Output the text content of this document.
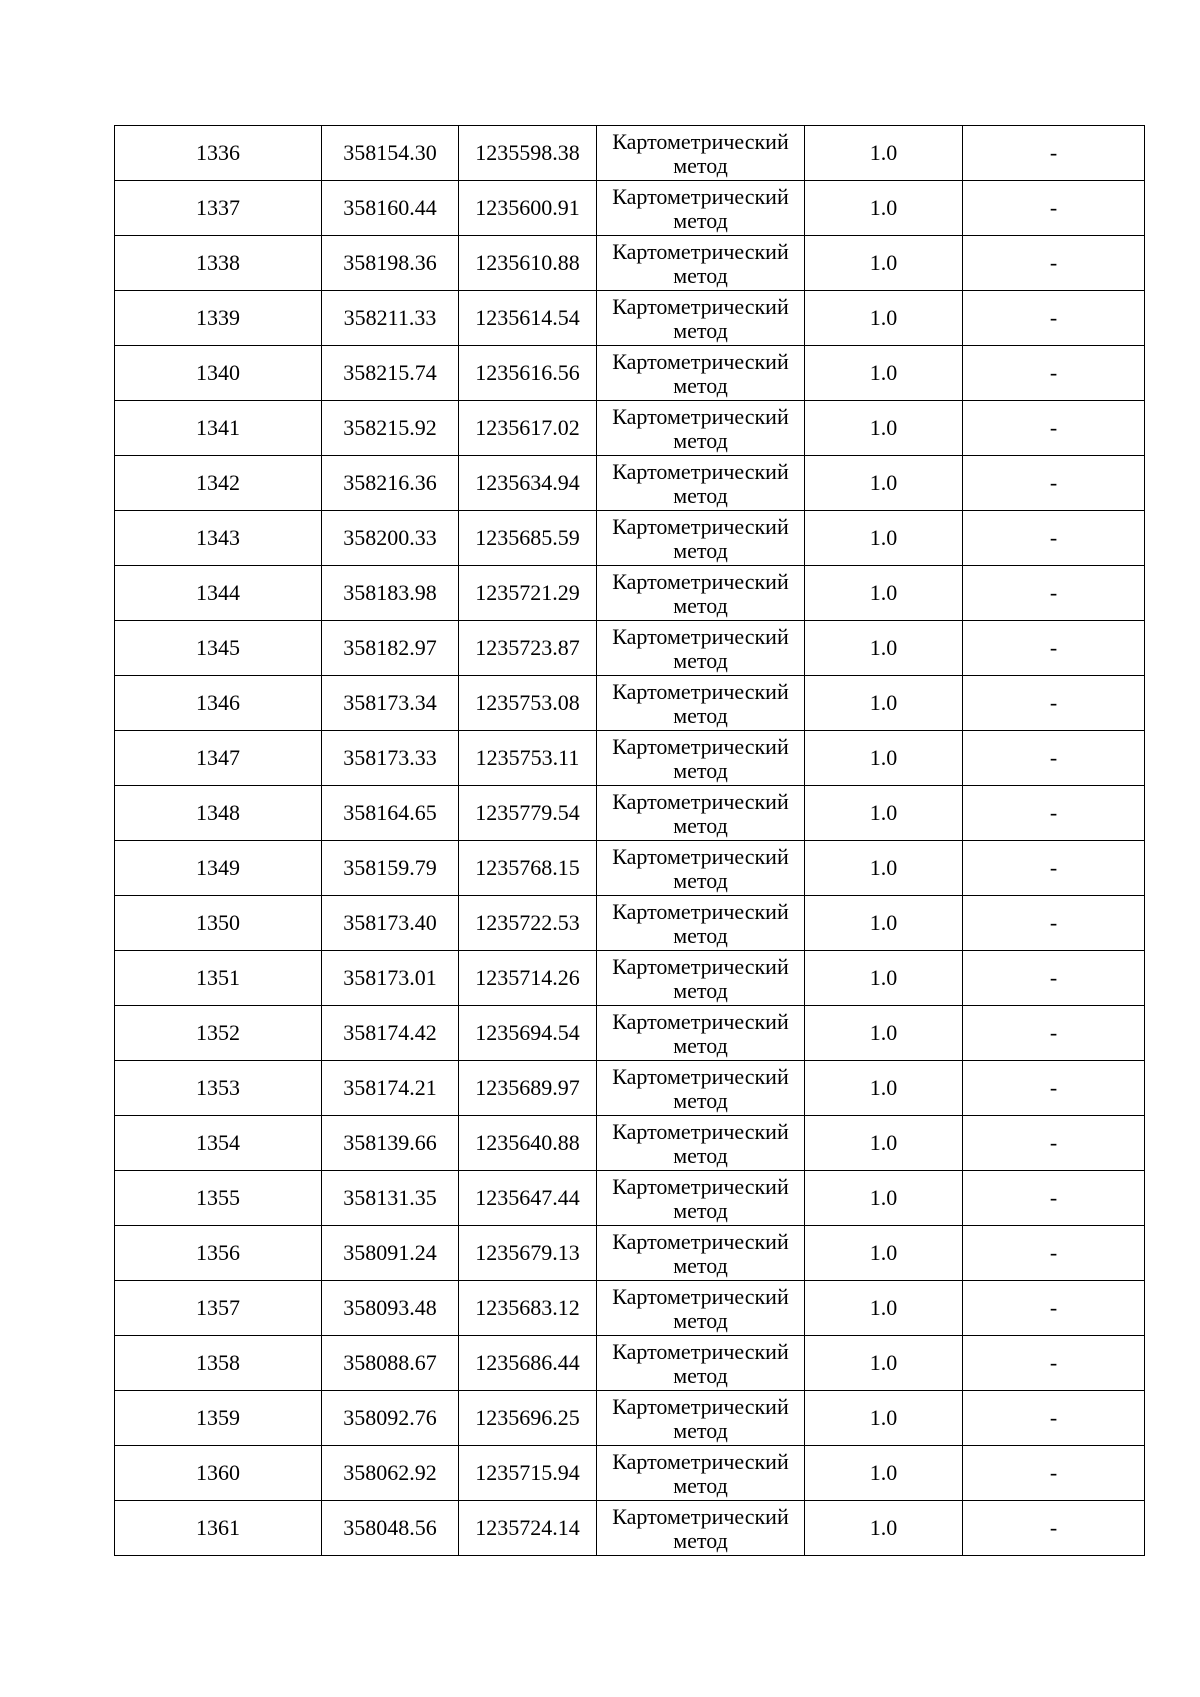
1336	358154.30	1235598.38	Картометрический
метод	1.0	-
1337	358160.44	1235600.91	Картометрический
метод	1.0	-
1338	358198.36	1235610.88	Картометрический
метод	1.0	-
1339	358211.33	1235614.54	Картометрический
метод	1.0	-
1340	358215.74	1235616.56	Картометрический
метод	1.0	-
1341	358215.92	1235617.02	Картометрический
метод	1.0	-
1342	358216.36	1235634.94	Картометрический
метод	1.0	-
1343	358200.33	1235685.59	Картометрический
метод	1.0	-
1344	358183.98	1235721.29	Картометрический
метод	1.0	-
1345	358182.97	1235723.87	Картометрический
метод	1.0	-
1346	358173.34	1235753.08	Картометрический
метод	1.0	-
1347	358173.33	1235753.11	Картометрический
метод	1.0	-
1348	358164.65	1235779.54	Картометрический
метод	1.0	-
1349	358159.79	1235768.15	Картометрический
метод	1.0	-
1350	358173.40	1235722.53	Картометрический
метод	1.0	-
1351	358173.01	1235714.26	Картометрический
метод	1.0	-
1352	358174.42	1235694.54	Картометрический
метод	1.0	-
1353	358174.21	1235689.97	Картометрический
метод	1.0	-
1354	358139.66	1235640.88	Картометрический
метод	1.0	-
1355	358131.35	1235647.44	Картометрический
метод	1.0	-
1356	358091.24	1235679.13	Картометрический
метод	1.0	-
1357	358093.48	1235683.12	Картометрический
метод	1.0	-
1358	358088.67	1235686.44	Картометрический
метод	1.0	-
1359	358092.76	1235696.25	Картометрический
метод	1.0	-
1360	358062.92	1235715.94	Картометрический
метод	1.0	-
1361	358048.56	1235724.14	Картометрический
метод	1.0	-
